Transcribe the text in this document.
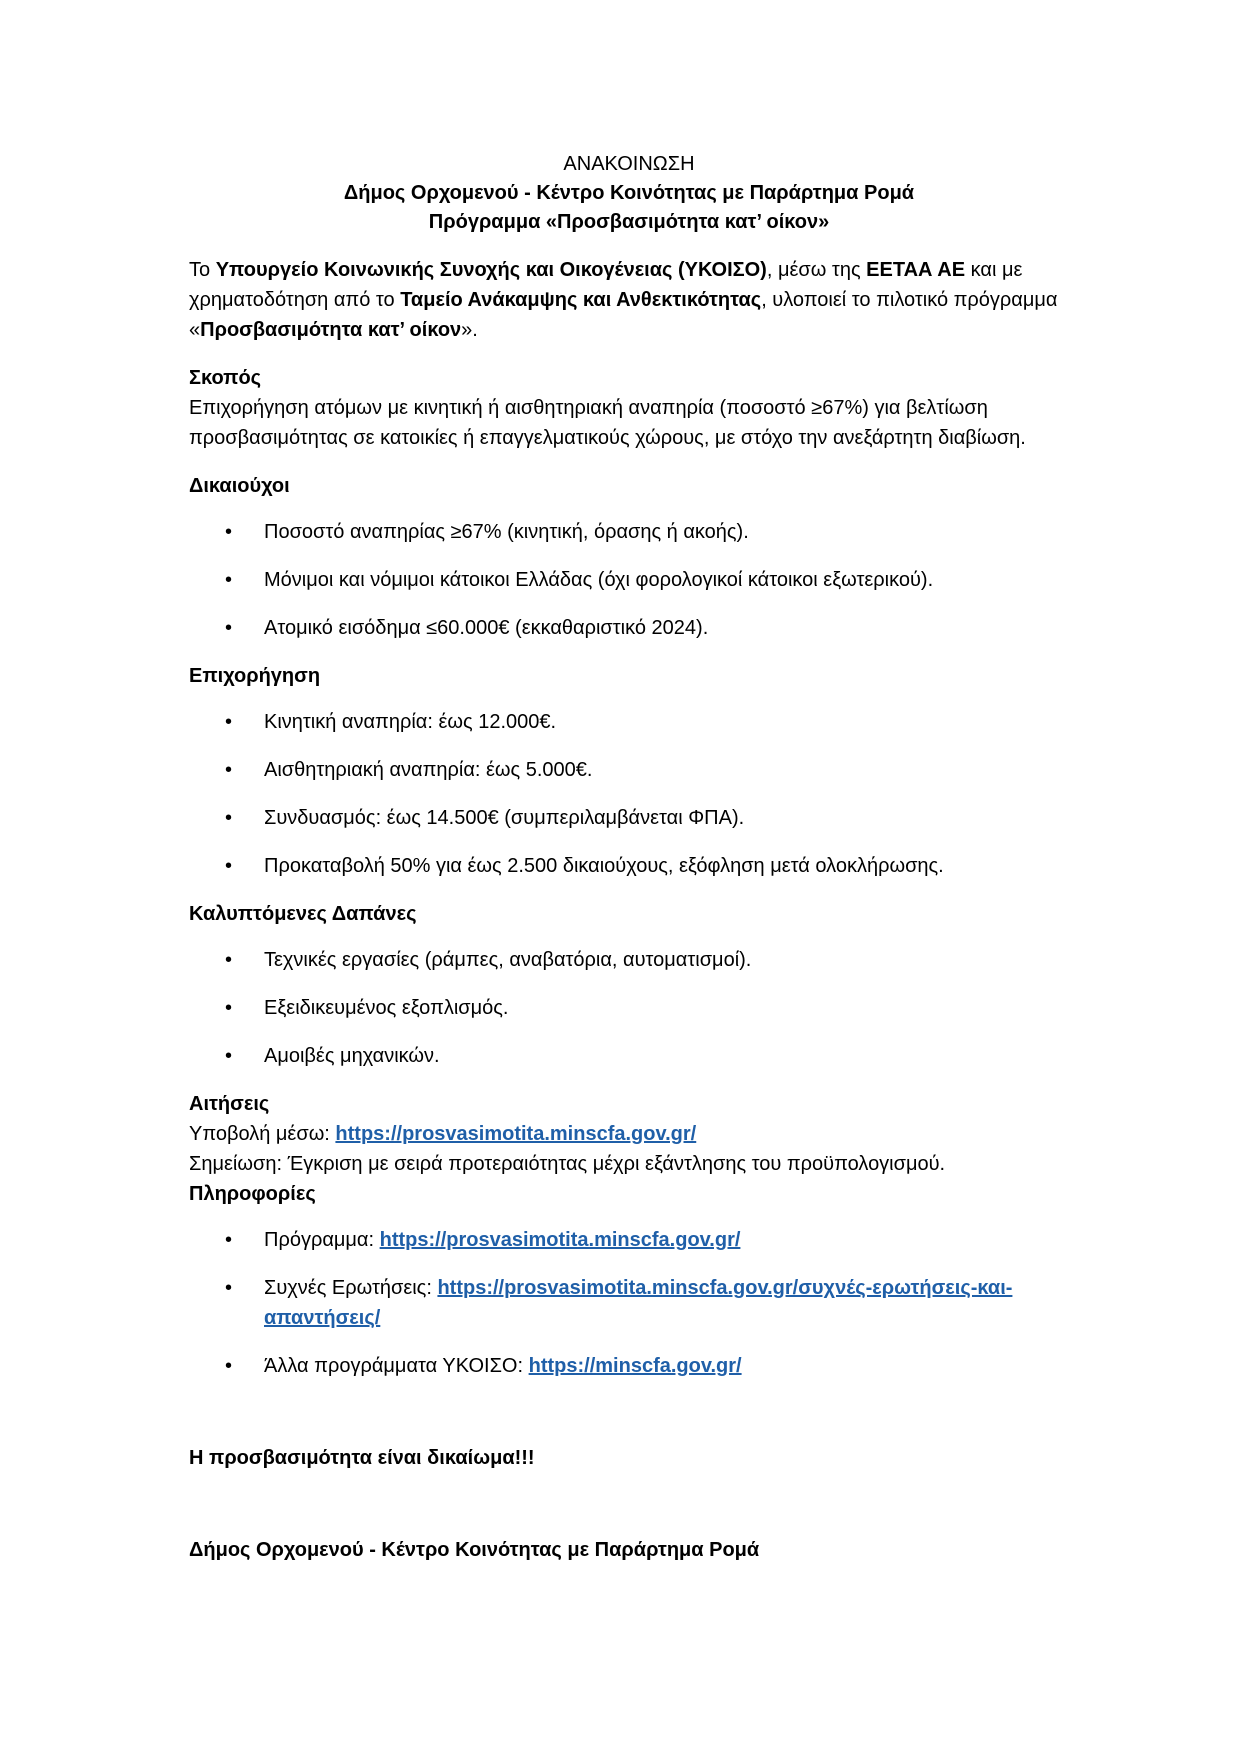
ΑΝΑΚΟΙΝΩΣΗ
Δήμος Ορχομενού - Κέντρο Κοινότητας με Παράρτημα Ρομά
Πρόγραμμα «Προσβασιμότητα κατ’ οίκον»

Το Υπουργείο Κοινωνικής Συνοχής και Οικογένειας (ΥΚΟΙΣΟ), μέσω της ΕΕΤΑΑ ΑΕ και με χρηματοδότηση από το Ταμείο Ανάκαμψης και Ανθεκτικότητας, υλοποιεί το πιλοτικό πρόγραμμα «Προσβασιμότητα κατ’ οίκον».

Σκοπός

Επιχορήγηση ατόμων με κινητική ή αισθητηριακή αναπηρία (ποσοστό ≥67%) για βελτίωση προσβασιμότητας σε κατοικίες ή επαγγελματικούς χώρους, με στόχο την ανεξάρτητη διαβίωση.

Δικαιούχοι

• Ποσοστό αναπηρίας ≥67% (κινητική, όρασης ή ακοής).
• Μόνιμοι και νόμιμοι κάτοικοι Ελλάδας (όχι φορολογικοί κάτοικοι εξωτερικού).
• Ατομικό εισόδημα ≤60.000€ (εκκαθαριστικό 2024).

Επιχορήγηση

• Κινητική αναπηρία: έως 12.000€.
• Αισθητηριακή αναπηρία: έως 5.000€.
• Συνδυασμός: έως 14.500€ (συμπεριλαμβάνεται ΦΠΑ).
• Προκαταβολή 50% για έως 2.500 δικαιούχους, εξόφληση μετά ολοκλήρωσης.

Καλυπτόμενες Δαπάνες

• Τεχνικές εργασίες (ράμπες, αναβατόρια, αυτοματισμοί).
• Εξειδικευμένος εξοπλισμός.
• Αμοιβές μηχανικών.

Αιτήσεις

Υποβολή μέσω: https://prosvasimotita.minscfa.gov.gr/

Σημείωση: Έγκριση με σειρά προτεραιότητας μέχρι εξάντλησης του προϋπολογισμού.

Πληροφορίες

• Πρόγραμμα: https://prosvasimotita.minscfa.gov.gr/
• Συχνές Ερωτήσεις: https://prosvasimotita.minscfa.gov.gr/συχνές-ερωτήσεις-και-απαντήσεις/
• Άλλα προγράμματα ΥΚΟΙΣΟ: https://minscfa.gov.gr/

Η προσβασιμότητα είναι δικαίωμα!!!

Δήμος Ορχομενού - Κέντρο Κοινότητας με Παράρτημα Ρομά
